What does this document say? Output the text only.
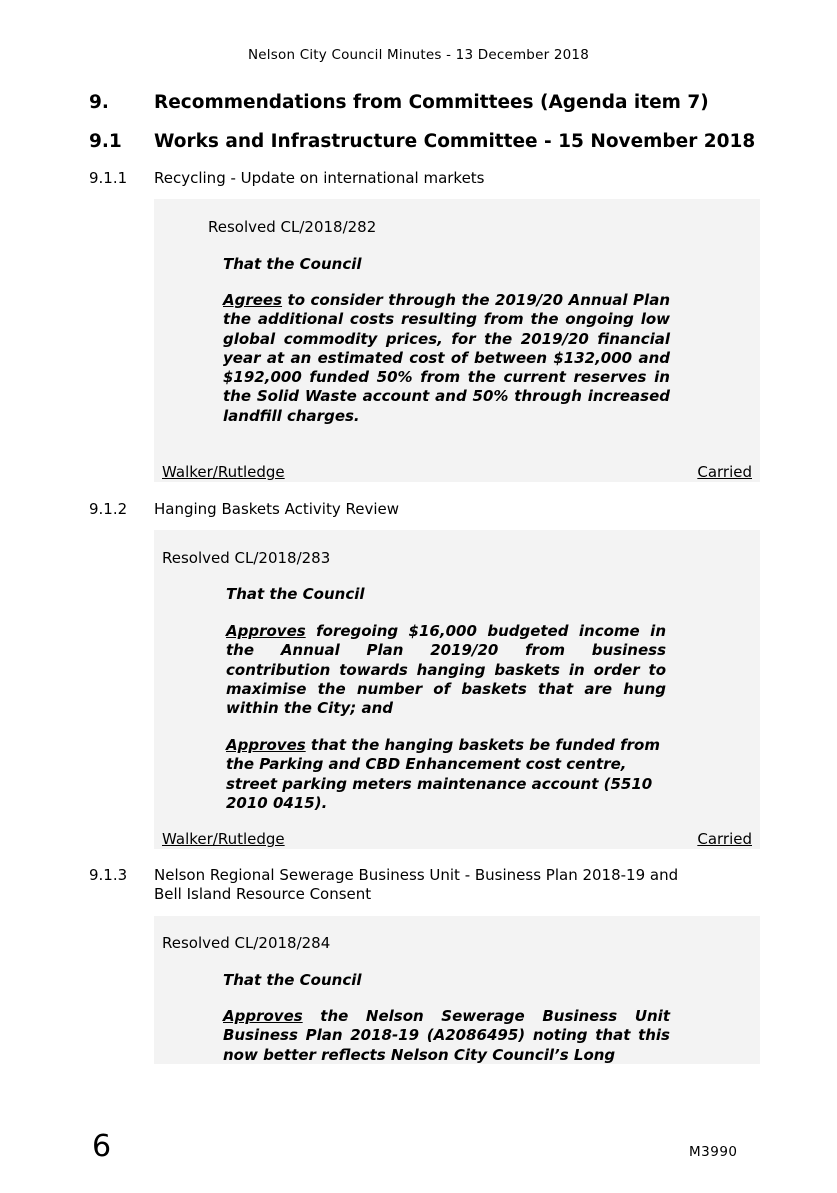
Nelson City Council Minutes - 13 December 2018
9. Recommendations from Committees (Agenda item 7)
9.1 Works and Infrastructure Committee - 15 November 2018
9.1.1 Recycling - Update on international markets
Resolved CL/2018/282
That the Council

Agrees to consider through the 2019/20 Annual Plan the additional costs resulting from the ongoing low global commodity prices, for the 2019/20 financial year at an estimated cost of between $132,000 and $192,000 funded 50% from the current reserves in the Solid Waste account and 50% through increased landfill charges.

Walker/Rutledge	Carried
9.1.2 Hanging Baskets Activity Review
Resolved CL/2018/283
That the Council

Approves foregoing $16,000 budgeted income in the Annual Plan 2019/20 from business contribution towards hanging baskets in order to maximise the number of baskets that are hung within the City; and

Approves that the hanging baskets be funded from the Parking and CBD Enhancement cost centre, street parking meters maintenance account (5510 2010 0415).

Walker/Rutledge	Carried
9.1.3 Nelson Regional Sewerage Business Unit - Business Plan 2018-19 and
Bell Island Resource Consent
Resolved CL/2018/284
That the Council

Approves the Nelson Sewerage Business Unit Business Plan 2018-19 (A2086495) noting that this now better reflects Nelson City Council’s Long

6	M3990
